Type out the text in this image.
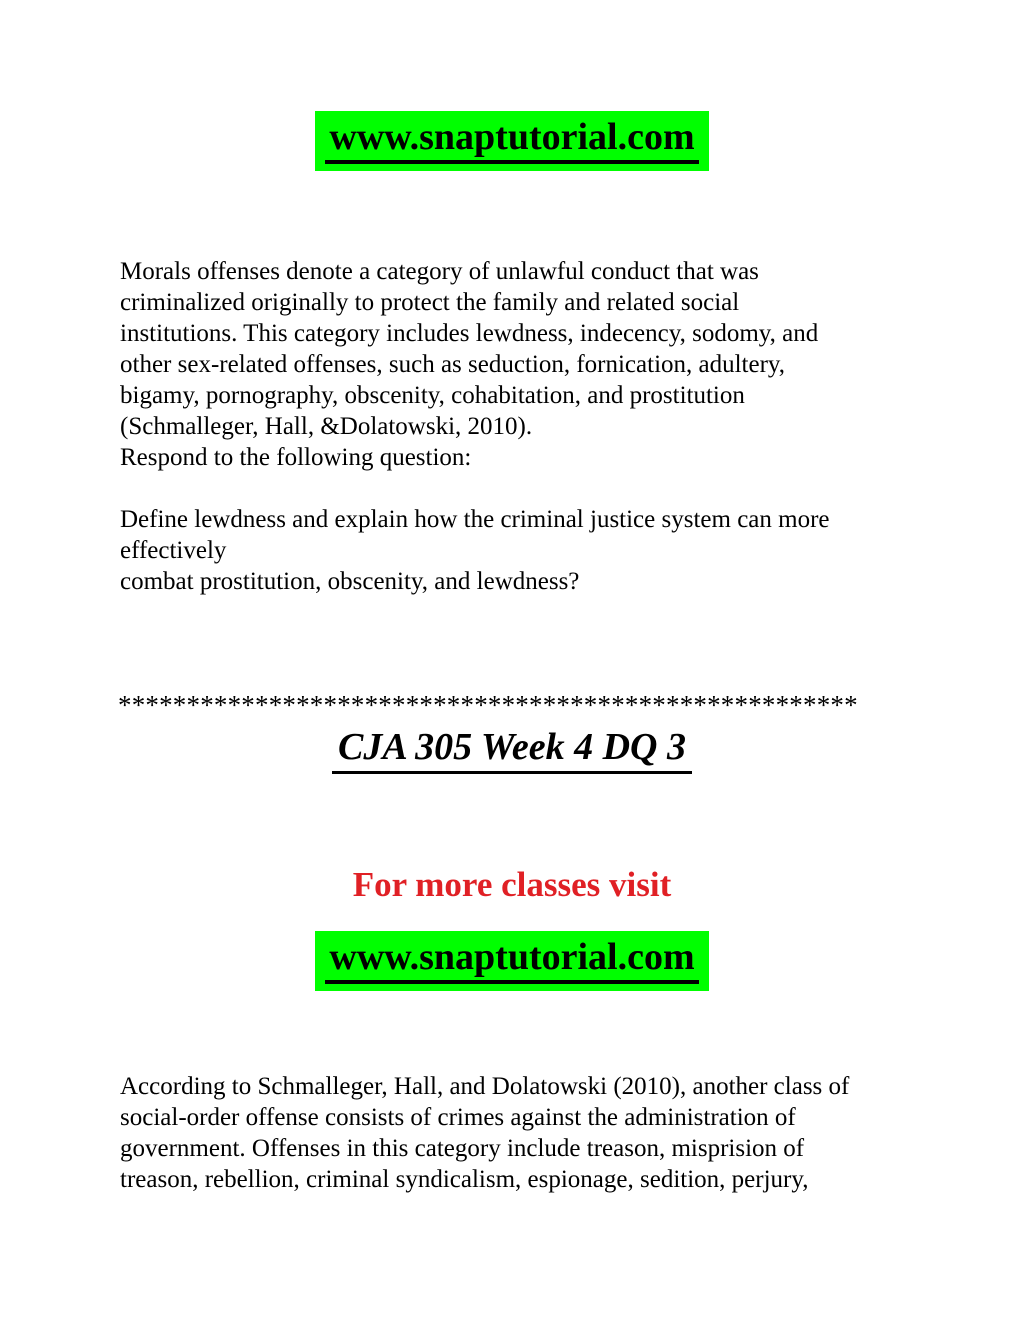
www.snaptutorial.com
Morals offenses denote a category of unlawful conduct that was
criminalized originally to protect the family and related social
institutions. This category includes lewdness, indecency, sodomy, and
other sex-related offenses, such as seduction, fornication, adultery,
bigamy, pornography, obscenity, cohabitation, and prostitution
(Schmalleger, Hall, &Dolatowski, 2010).
Respond to the following question:
Define lewdness and explain how the criminal justice system can more
effectively
combat prostitution, obscenity, and lewdness?
******************************************************
CJA 305 Week 4 DQ 3
For more classes visit
www.snaptutorial.com
According to Schmalleger, Hall, and Dolatowski (2010), another class of
social-order offense consists of crimes against the administration of
government. Offenses in this category include treason, misprision of
treason, rebellion, criminal syndicalism, espionage, sedition, perjury,
